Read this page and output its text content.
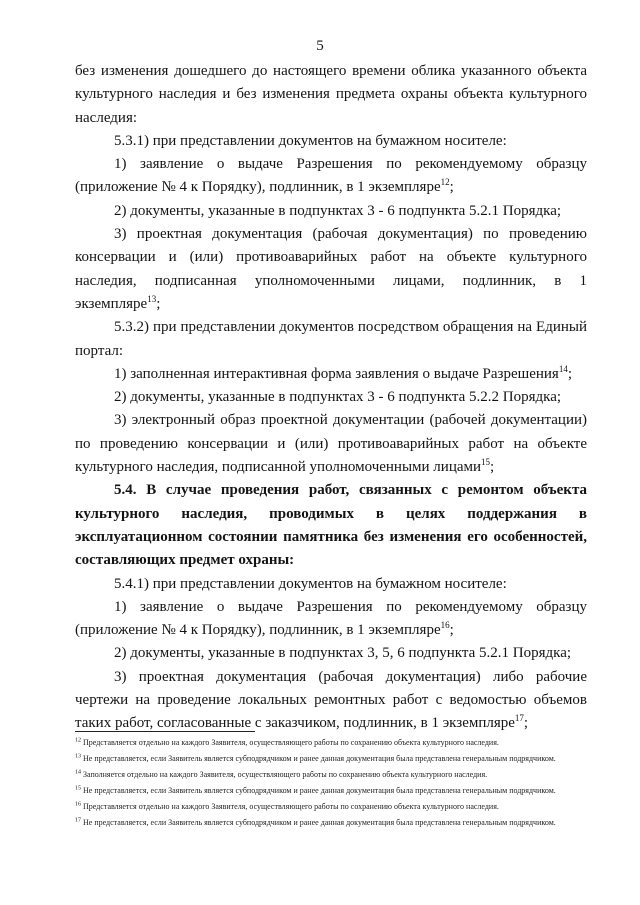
5

без изменения дошедшего до настоящего времени облика указанного объекта культурного наследия и без изменения предмета охраны объекта культурного наследия:

5.3.1) при представлении документов на бумажном носителе:

1) заявление о выдаче Разрешения по рекомендуемому образцу (приложение № 4 к Порядку), подлинник, в 1 экземпляре$^{12}$;

2) документы, указанные в подпунктах 3 - 6 подпункта 5.2.1 Порядка;

3) проектная документация (рабочая документация) по проведению консервации и (или) противоаварийных работ на объекте культурного наследия, подписанная уполномоченными лицами, подлинник, в 1 экземпляре$^{13}$;

5.3.2) при представлении документов посредством обращения на Единый портал:

1) заполненная интерактивная форма заявления о выдаче Разрешения$^{14}$;

2) документы, указанные в подпунктах 3 - 6 подпункта 5.2.2 Порядка;

3) электронный образ проектной документации (рабочей документации) по проведению консервации и (или) противоаварийных работ на объекте культурного наследия, подписанной уполномоченными лицами$^{15}$;

5.4. В случае проведения работ, связанных с ремонтом объекта культурного наследия, проводимых в целях поддержания в эксплуатационном состоянии памятника без изменения его особенностей, составляющих предмет охраны:

5.4.1) при представлении документов на бумажном носителе:

1) заявление о выдаче Разрешения по рекомендуемому образцу (приложение № 4 к Порядку), подлинник, в 1 экземпляре$^{16}$;

2) документы, указанные в подпунктах 3, 5, 6 подпункта 5.2.1 Порядка;

3) проектная документация (рабочая документация) либо рабочие чертежи на проведение локальных ремонтных работ с ведомостью объемов таких работ, согласованные с заказчиком, подлинник, в 1 экземпляре$^{17}$;

$^{12}$ Представляется отдельно на каждого Заявителя, осуществляющего работы по сохранению объекта культурного наследия.

$^{13}$ Не представляется, если Заявитель является субподрядчиком и ранее данная документация была представлена генеральным подрядчиком.

$^{14}$ Заполняется отдельно на каждого Заявителя, осуществляющего работы по сохранению объекта культурного наследия.

$^{15}$ Не представляется, если Заявитель является субподрядчиком и ранее данная документация была представлена генеральным подрядчиком.

$^{16}$ Представляется отдельно на каждого Заявителя, осуществляющего работы по сохранению объекта культурного наследия.

$^{17}$ Не представляется, если Заявитель является субподрядчиком и ранее данная документация была представлена генеральным подрядчиком.
